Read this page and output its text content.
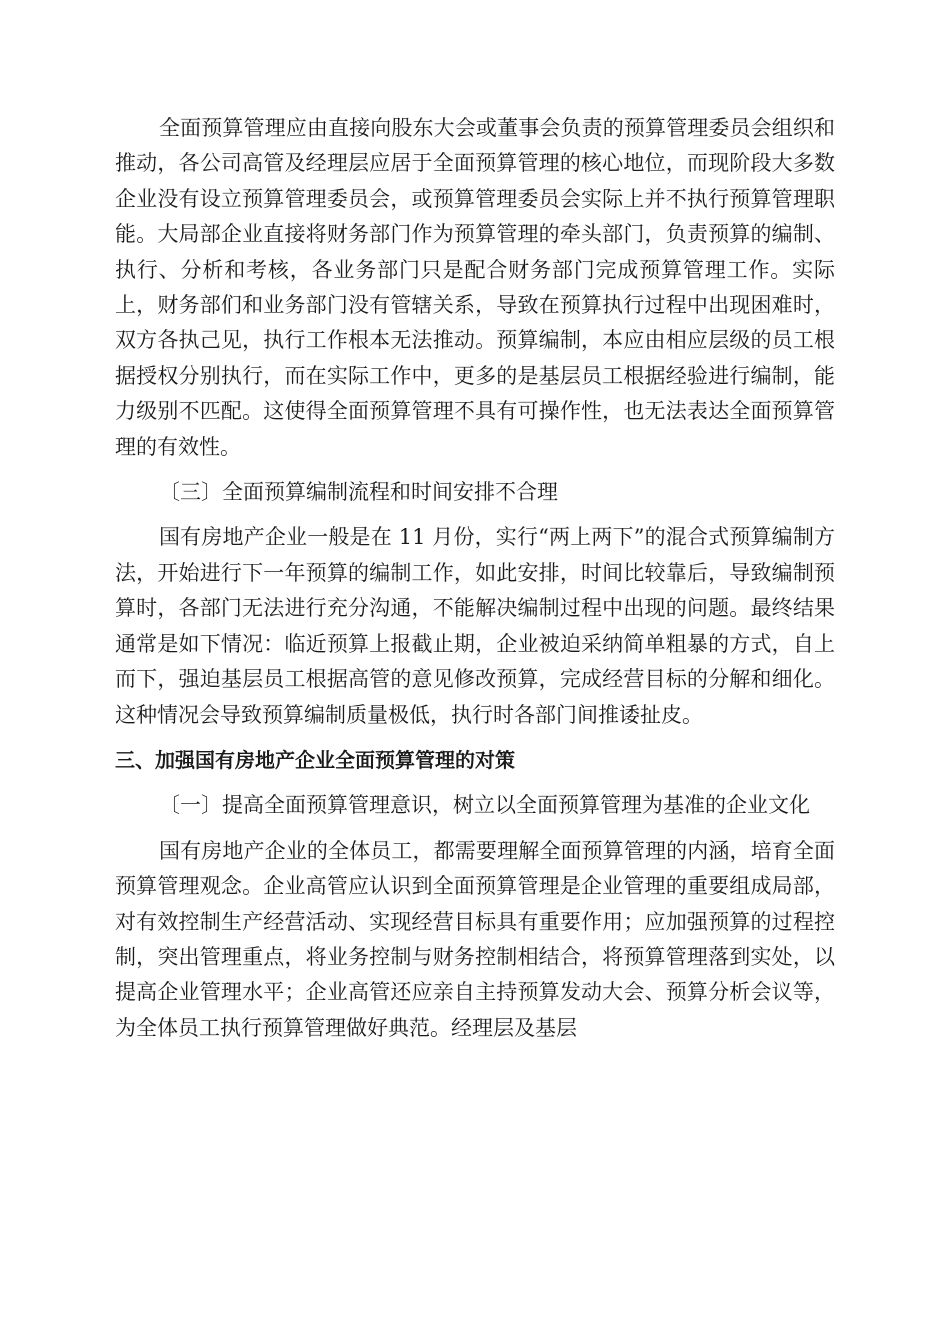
全面预算管理应由直接向股东大会或董事会负责的预算管理委员会组织和推动，各公司高管及经理层应居于全面预算管理的核心地位，而现阶段大多数企业没有设立预算管理委员会，或预算管理委员会实际上并不执行预算管理职能。大局部企业直接将财务部门作为预算管理的牵头部门，负责预算的编制、执行、分析和考核，各业务部门只是配合财务部门完成预算管理工作。实际上，财务部们和业务部门没有管辖关系，导致在预算执行过程中出现困难时，双方各执己见，执行工作根本无法推动。预算编制，本应由相应层级的员工根据授权分别执行，而在实际工作中，更多的是基层员工根据经验进行编制，能力级别不匹配。这使得全面预算管理不具有可操作性，也无法表达全面预算管理的有效性。

〔三〕全面预算编制流程和时间安排不合理

国有房地产企业一般是在 11 月份，实行“两上两下”的混合式预算编制方法，开始进行下一年预算的编制工作，如此安排，时间比较靠后，导致编制预算时，各部门无法进行充分沟通，不能解决编制过程中出现的问题。最终结果通常是如下情况：临近预算上报截止期，企业被迫采纳简单粗暴的方式，自上而下，强迫基层员工根据高管的意见修改预算，完成经营目标的分解和细化。这种情况会导致预算编制质量极低，执行时各部门间推诿扯皮。

三、加强国有房地产企业全面预算管理的对策

〔一〕提高全面预算管理意识，树立以全面预算管理为基准的企业文化

国有房地产企业的全体员工，都需要理解全面预算管理的内涵，培育全面预算管理观念。企业高管应认识到全面预算管理是企业管理的重要组成局部，对有效控制生产经营活动、实现经营目标具有重要作用；应加强预算的过程控制，突出管理重点，将业务控制与财务控制相结合，将预算管理落到实处，以提高企业管理水平；企业高管还应亲自主持预算发动大会、预算分析会议等，为全体员工执行预算管理做好典范。经理层及基层
